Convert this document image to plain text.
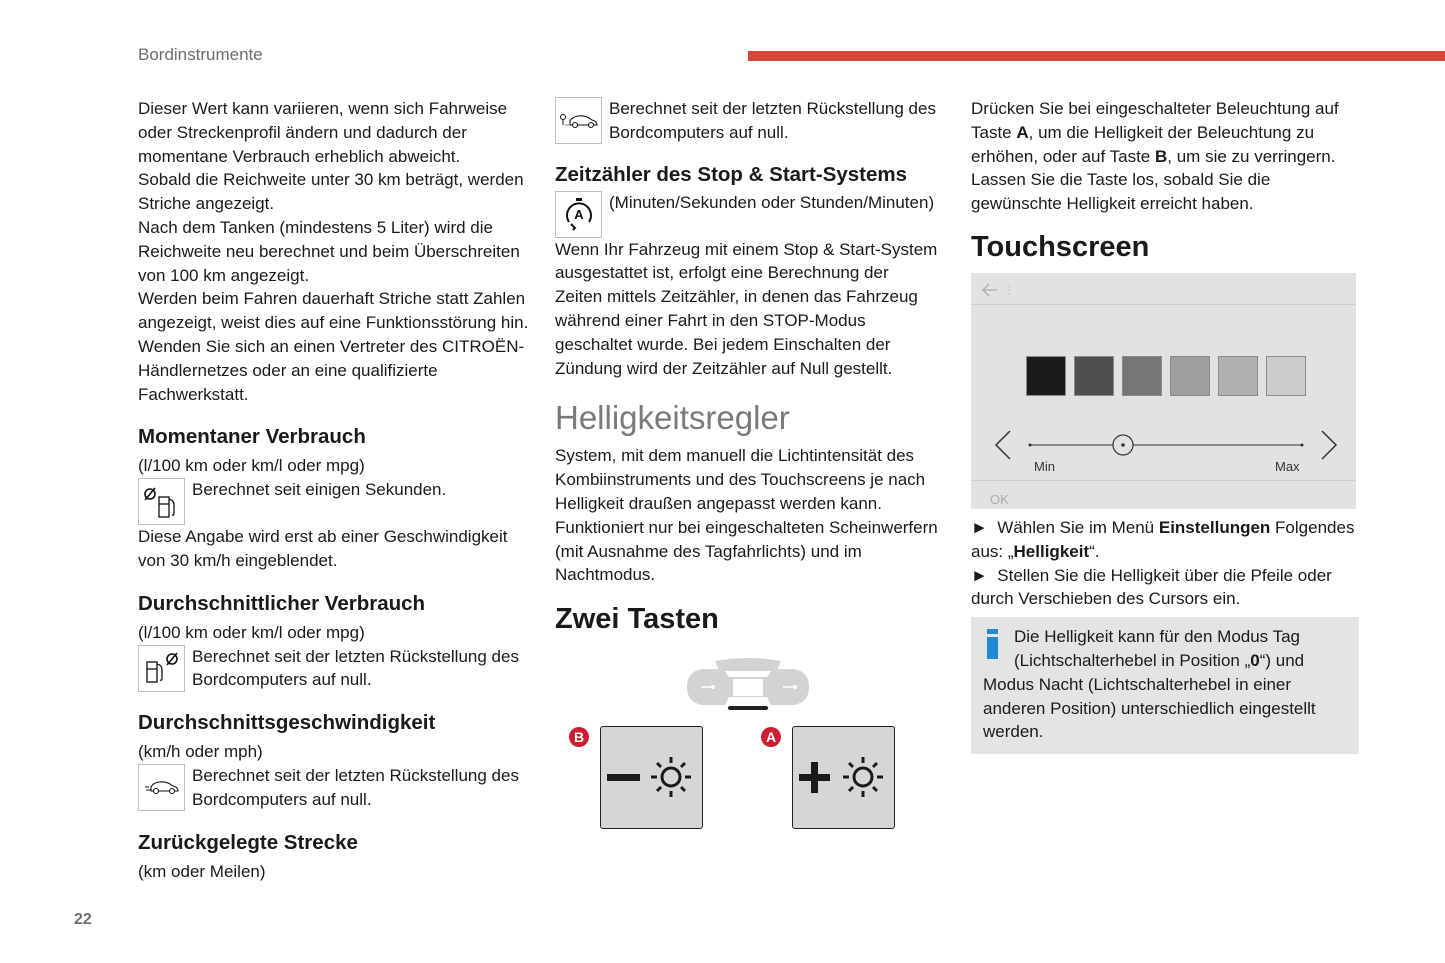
Bordinstrumente

Dieser Wert kann variieren, wenn sich Fahrweise oder Streckenprofil ändern und dadurch der momentane Verbrauch erheblich abweicht.

Sobald die Reichweite unter 30 km beträgt, werden Striche angezeigt.

Nach dem Tanken (mindestens 5 Liter) wird die Reichweite neu berechnet und beim Überschreiten von 100 km angezeigt.

Werden beim Fahren dauerhaft Striche statt Zahlen angezeigt, weist dies auf eine Funktionsstörung hin. Wenden Sie sich an einen Vertreter des CITROËN-Händlernetzes oder an eine qualifizierte Fachwerkstatt.

Momentaner Verbrauch

(l/100 km oder km/l oder mpg)

Berechnet seit einigen Sekunden.

Diese Angabe wird erst ab einer Geschwindigkeit von 30 km/h eingeblendet.

Durchschnittlicher Verbrauch

(l/100 km oder km/l oder mpg)

Berechnet seit der letzten Rückstellung des Bordcomputers auf null.

Durchschnittsgeschwindigkeit

(km/h oder mph)

Berechnet seit der letzten Rückstellung des Bordcomputers auf null.

Zurückgelegte Strecke

(km oder Meilen)

Berechnet seit der letzten Rückstellung des Bordcomputers auf null.

Zeitzähler des Stop & Start-Systems
A

(Minuten/Sekunden oder Stunden/Minuten)

Wenn Ihr Fahrzeug mit einem Stop & Start-System ausgestattet ist, erfolgt eine Berechnung der Zeiten mittels Zeitzähler, in denen das Fahrzeug während einer Fahrt in den STOP-Modus geschaltet wurde. Bei jedem Einschalten der Zündung wird der Zeitzähler auf Null gestellt.

Helligkeitsregler

System, mit dem manuell die Lichtintensität des Kombiinstruments und des Touchscreens je nach Helligkeit draußen angepasst werden kann. Funktioniert nur bei eingeschalteten Scheinwerfern (mit Ausnahme des Tagfahrlichts) und im Nachtmodus.

Zwei Tasten
B	A

Drücken Sie bei eingeschalteter Beleuchtung auf Taste A, um die Helligkeit der Beleuchtung zu erhöhen, oder auf Taste B, um sie zu verringern. Lassen Sie die Taste los, sobald Sie die gewünschte Helligkeit erreicht haben.

Touchscreen
Min	Max
OK

► Wählen Sie im Menü Einstellungen Folgendes aus: „Helligkeit“.

► Stellen Sie die Helligkeit über die Pfeile oder durch Verschieben des Cursors ein.

Die Helligkeit kann für den Modus Tag (Lichtschalterhebel in Position „0“) und Modus Nacht (Lichtschalterhebel in einer anderen Position) unterschiedlich eingestellt werden.

22
